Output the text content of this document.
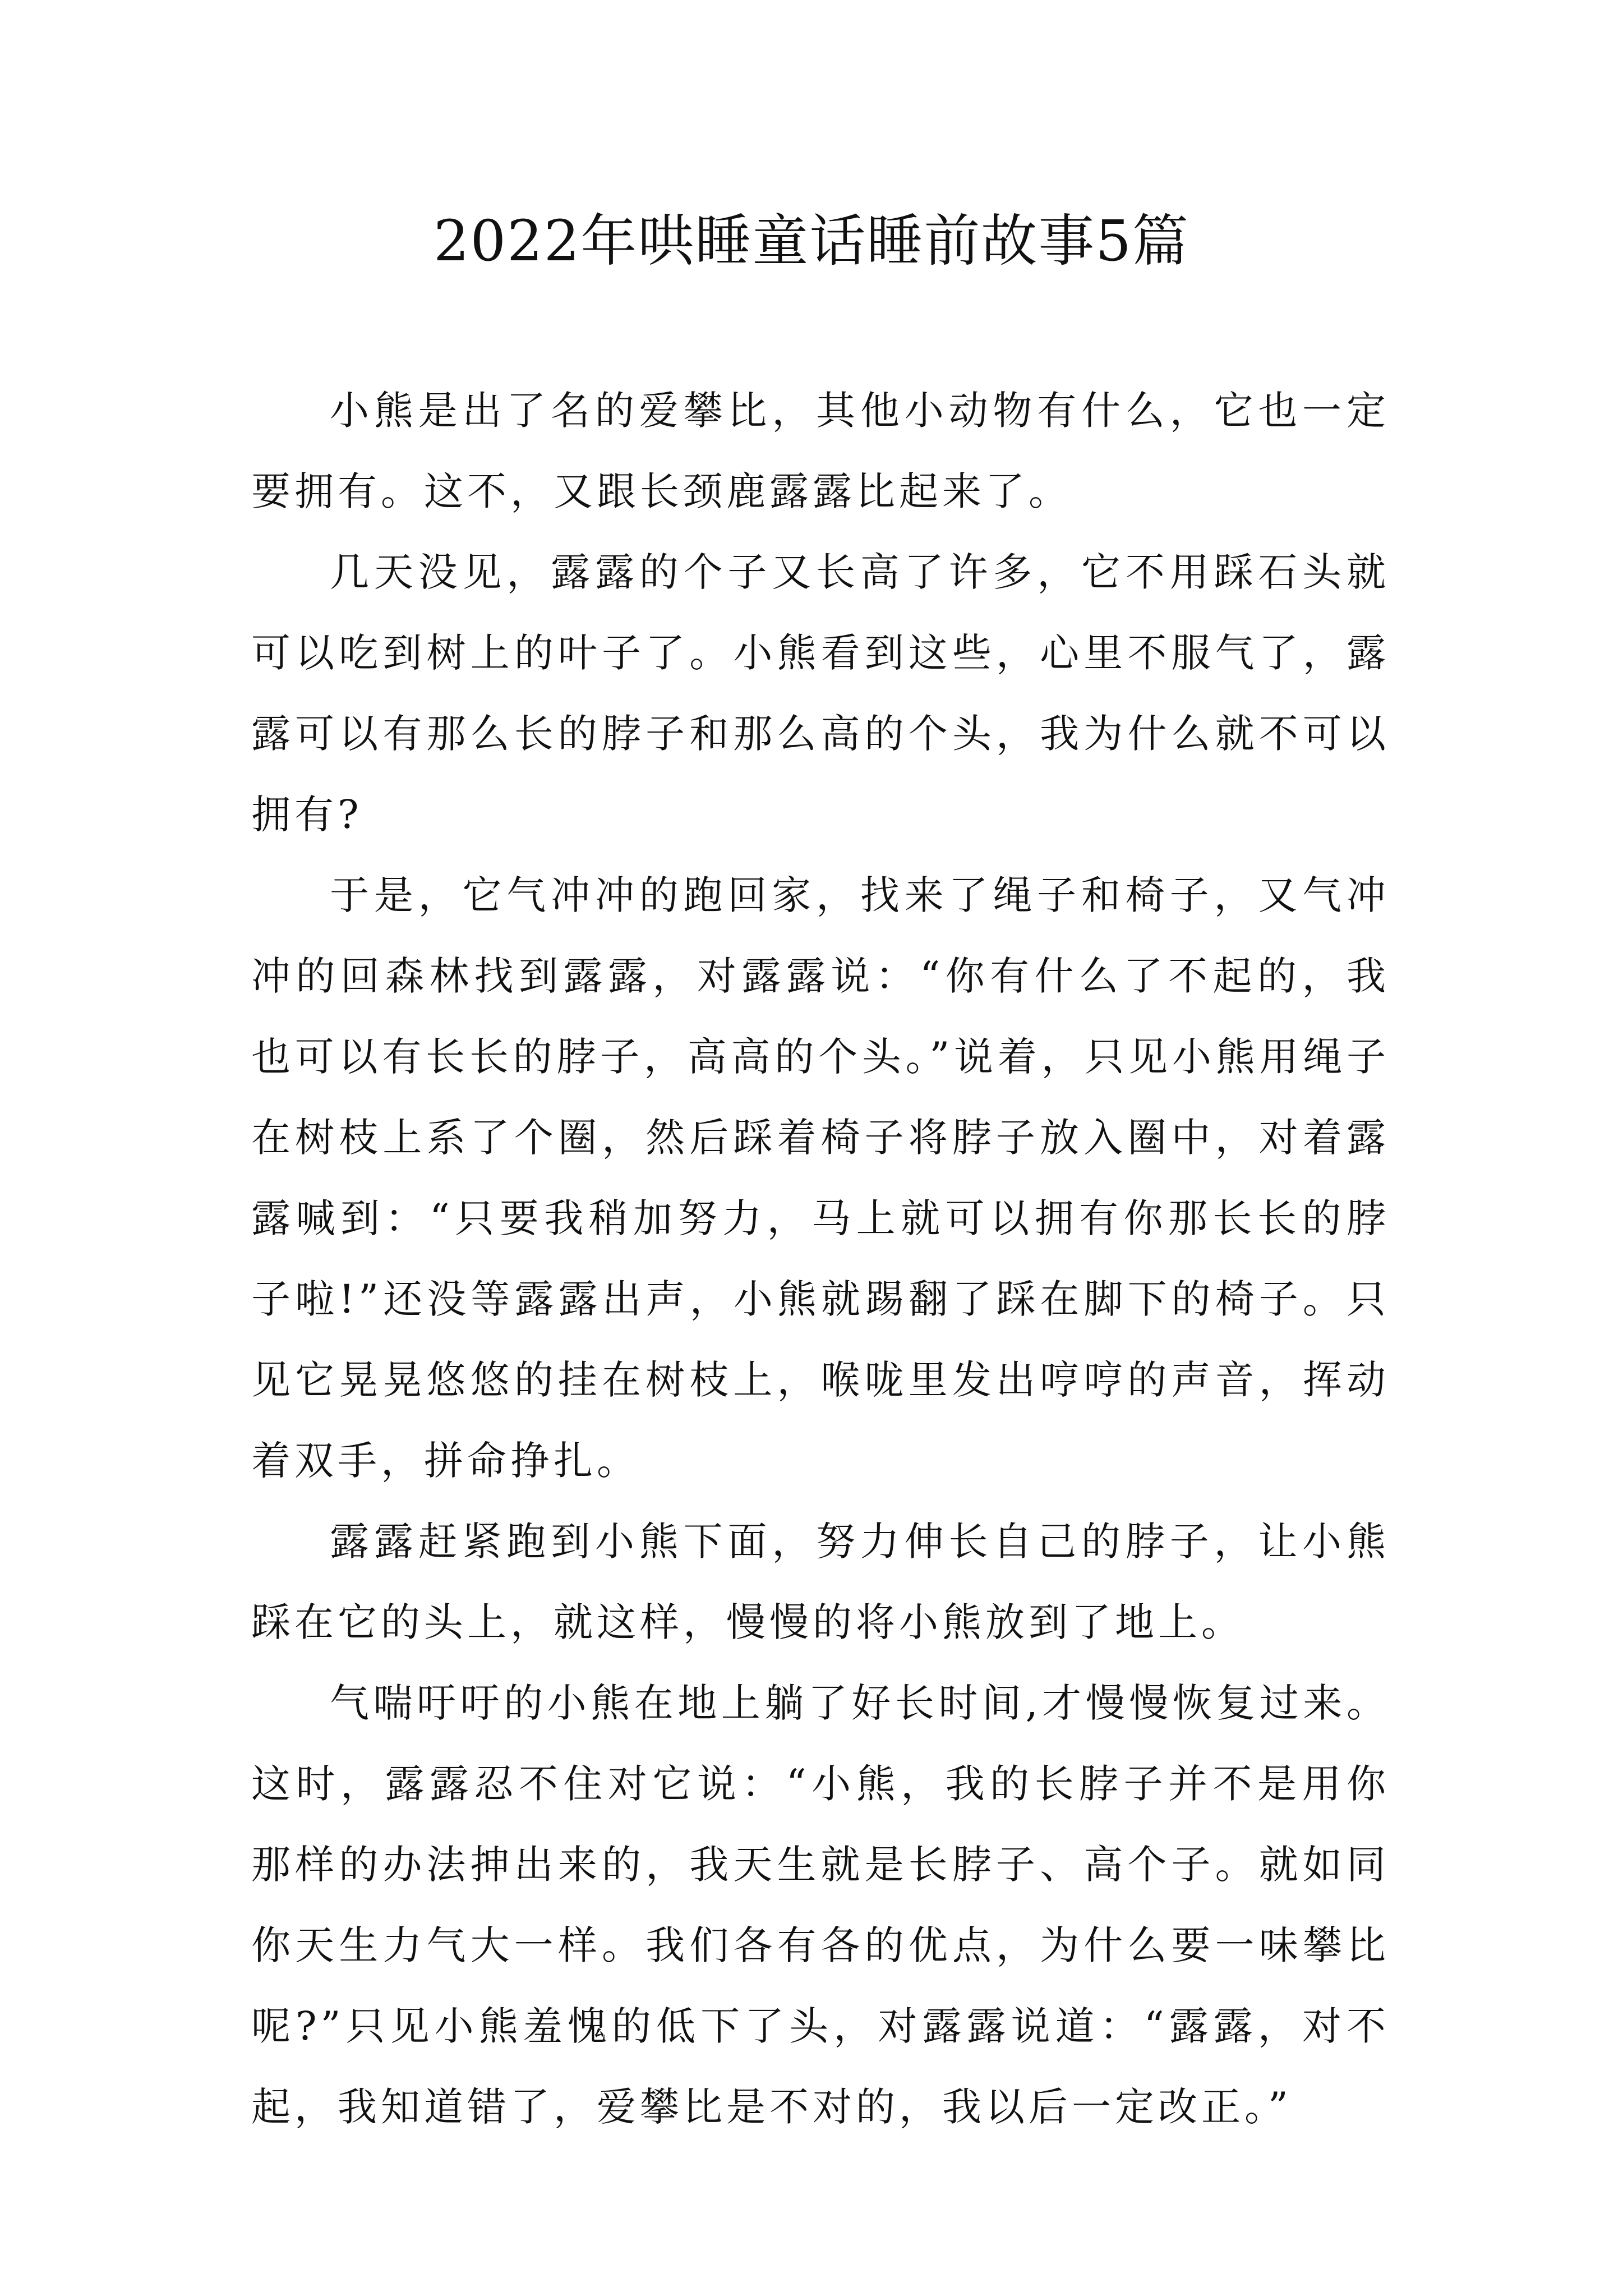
2022年哄睡童话睡前故事5篇

小熊是出了名的爱攀比，其他小动物有什么，它也一定要拥有。这不，又跟长颈鹿露露比起来了。

几天没见，露露的个子又长高了许多，它不用踩石头就可以吃到树上的叶子了。小熊看到这些，心里不服气了，露露可以有那么长的脖子和那么高的个头，我为什么就不可以拥有?

于是，它气冲冲的跑回家，找来了绳子和椅子，又气冲冲的回森林找到露露，对露露说：“你有什么了不起的，我也可以有长长的脖子，高高的个头。”说着，只见小熊用绳子在树枝上系了个圈，然后踩着椅子将脖子放入圈中，对着露露喊到：“只要我稍加努力，马上就可以拥有你那长长的脖子啦!”还没等露露出声，小熊就踢翻了踩在脚下的椅子。只见它晃晃悠悠的挂在树枝上，喉咙里发出哼哼的声音，挥动着双手，拼命挣扎。

露露赶紧跑到小熊下面，努力伸长自己的脖子，让小熊踩在它的头上，就这样，慢慢的将小熊放到了地上。

气喘吁吁的小熊在地上躺了好长时间,才慢慢恢复过来。这时，露露忍不住对它说：“小熊，我的长脖子并不是用你那样的办法抻出来的，我天生就是长脖子、高个子。就如同你天生力气大一样。我们各有各的优点，为什么要一味攀比呢?”只见小熊羞愧的低下了头，对露露说道：“露露，对不起，我知道错了，爱攀比是不对的，我以后一定改正。”
